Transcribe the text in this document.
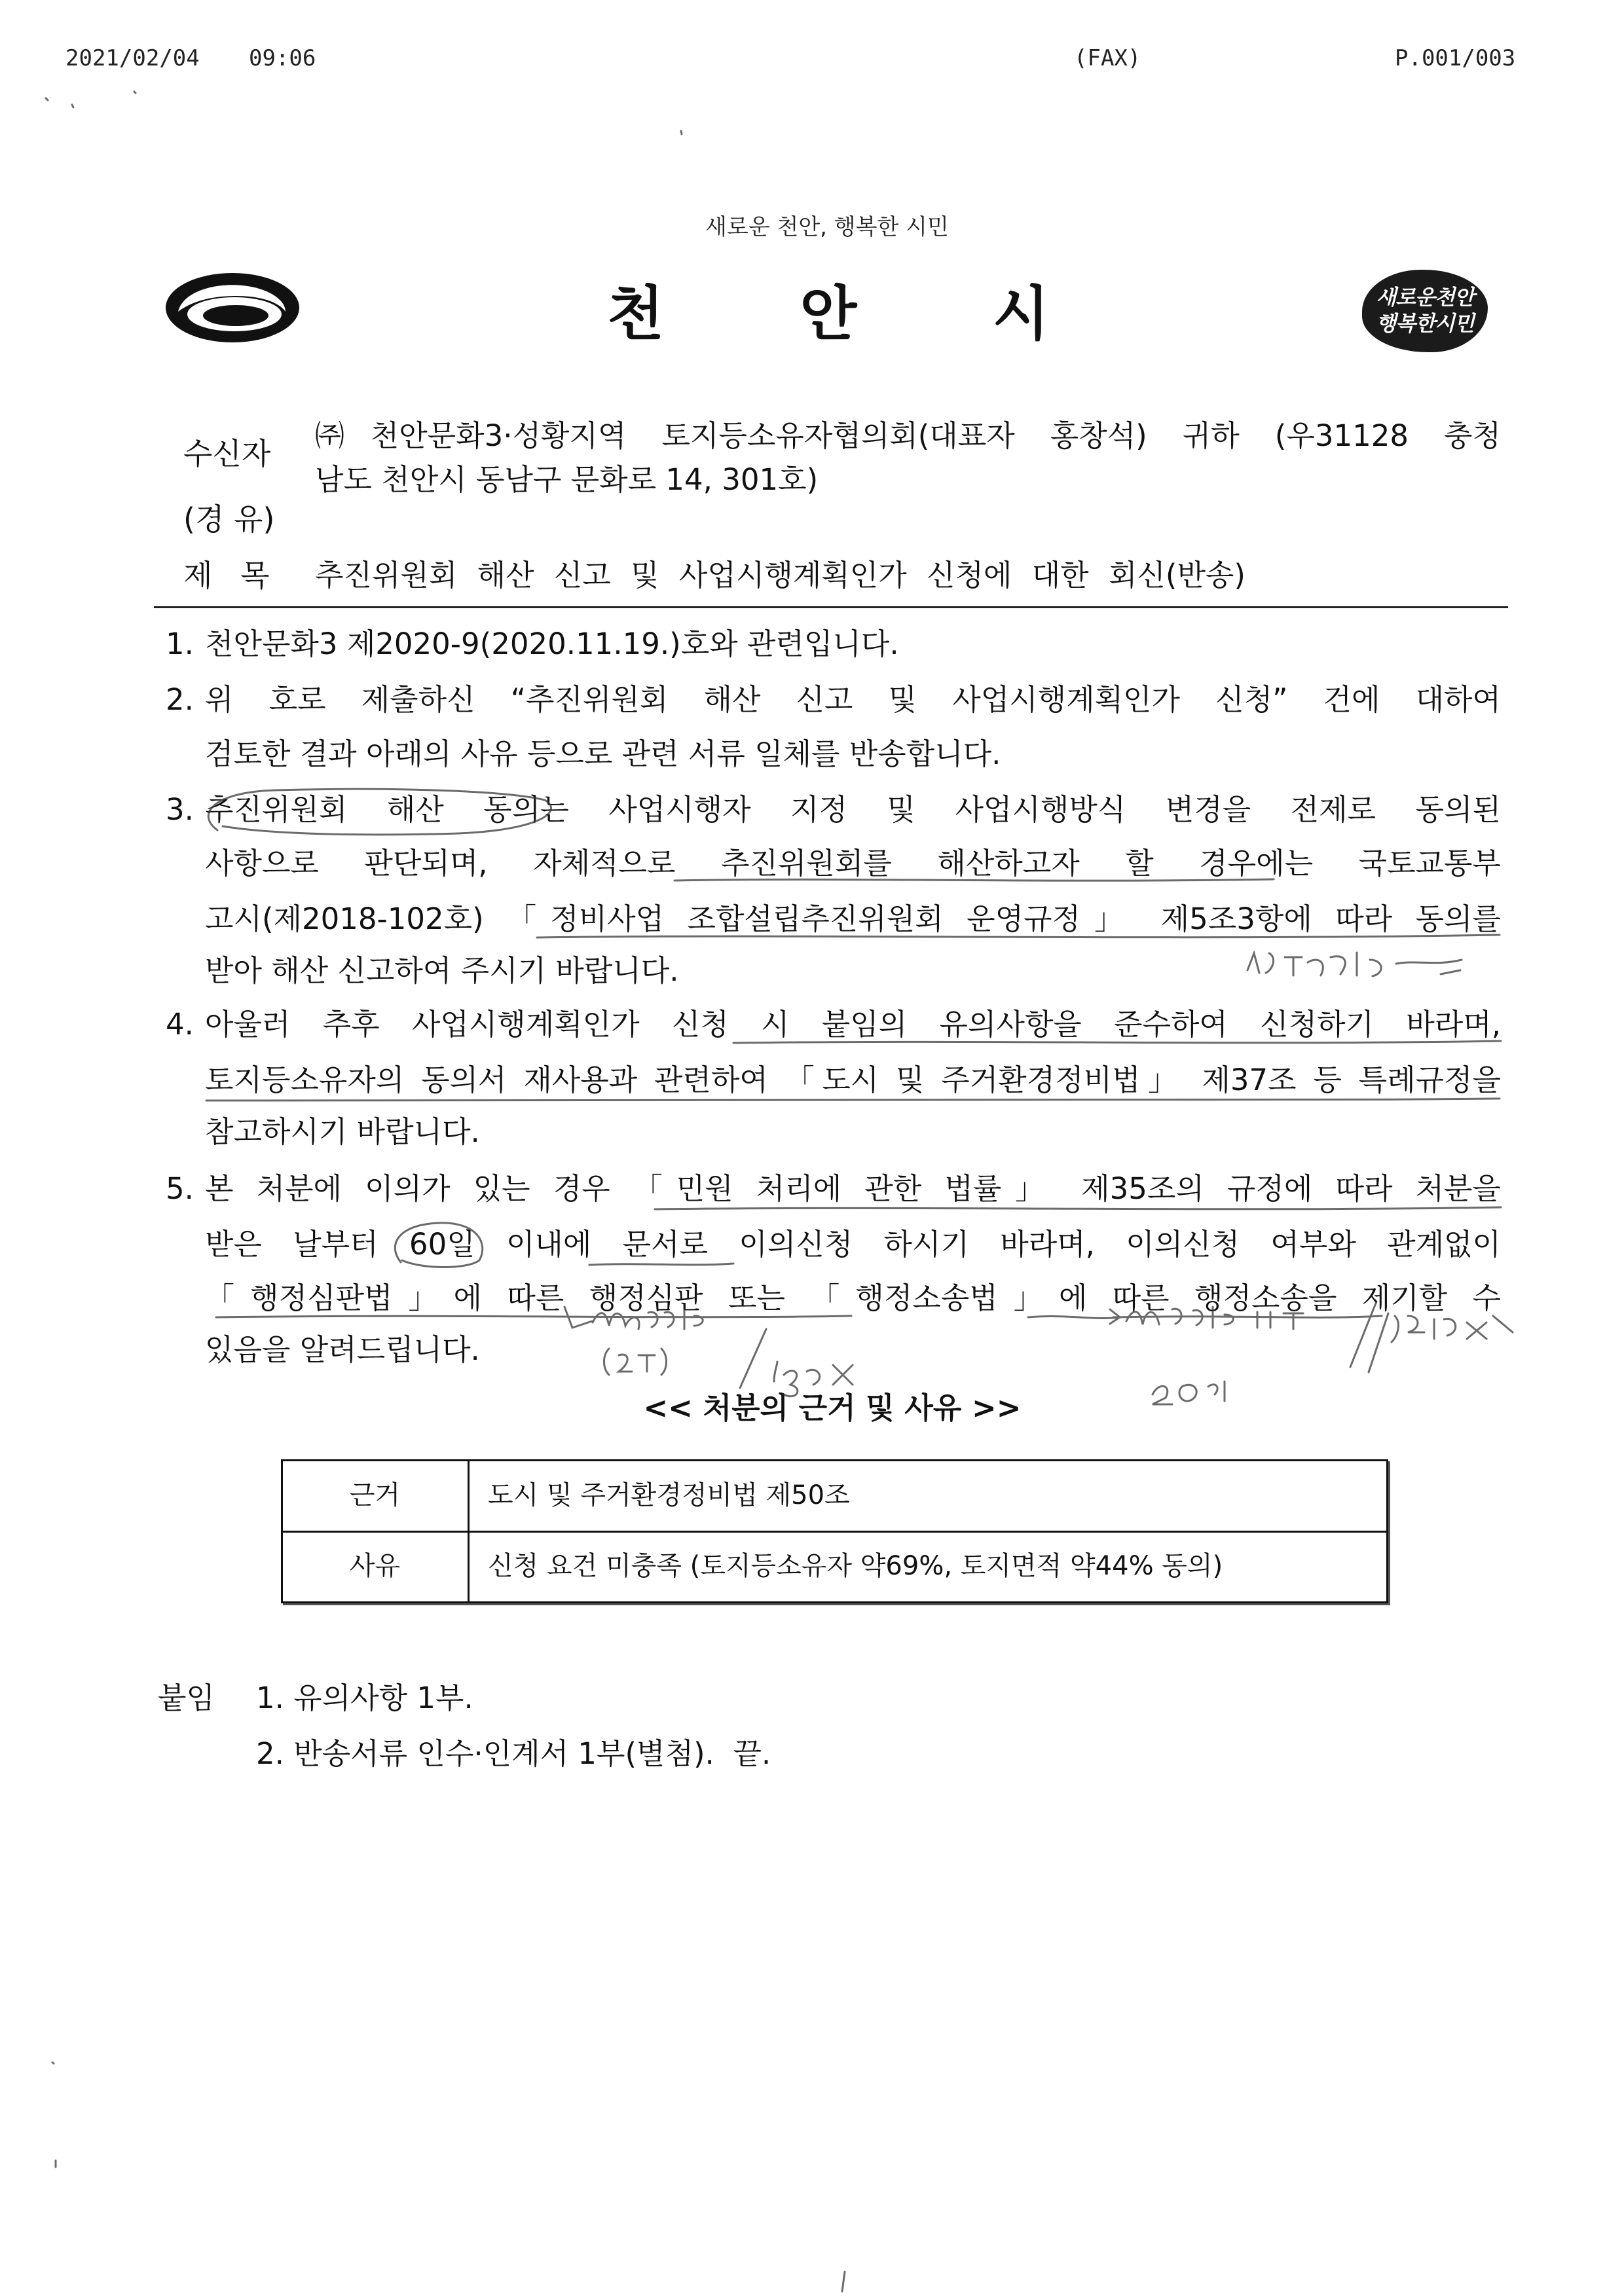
2021/02/04 09:06	(FAX)	P.001/003
새로운 천안, 행복한 시민
천 안 시	새로운천안
행복한시민
수신자
㈜천안문화3·성황지역 토지등소유자협의회(대표자 홍창석) 귀하 (우31128 충청
남도 천안시 동남구 문화로 14, 301호)
(경 유)
제 목 추진위원회 해산 신고 및 사업시행계획인가 신청에 대한 회신(반송)
1. 천안문화3 제2020-9(2020.11.19.)호와 관련입니다.
2. 위 호로 제출하신 “추진위원회 해산 신고 및 사업시행계획인가 신청” 건에 대하여
검토한 결과 아래의 사유 등으로 관련 서류 일체를 반송합니다.
3. 추진위원회 해산 동의는 사업시행자 지정 및 사업시행방식 변경을 전제로 동의된
사항으로 판단되며, 자체적으로 추진위원회를 해산하고자 할 경우에는 국토교통부
고시(제2018-102호) 「정비사업 조합설립추진위원회 운영규정」 제5조3항에 따라 동의를
받아 해산 신고하여 주시기 바랍니다.
4. 아울러 추후 사업시행계획인가 신청 시 붙임의 유의사항을 준수하여 신청하기 바라며,
토지등소유자의 동의서 재사용과 관련하여 「도시 및 주거환경정비법」 제37조 등 특례규정을
참고하시기 바랍니다.
5. 본 처분에 이의가 있는 경우 「민원 처리에 관한 법률」 제35조의 규정에 따라 처분을
받은 날부터 60일 이내에 문서로 이의신청 하시기 바라며, 이의신청 여부와 관계없이
「행정심판법」에 따른 행정심판 또는 「행정소송법」에 따른 행정소송을 제기할 수
있음을 알려드립니다.
<< 처분의 근거 및 사유 >>
근거	도시 및 주거환경정비법 제50조
사유	신청 요건 미충족 (토지등소유자 약69%, 토지면적 약44% 동의)
붙임 1. 유의사항 1부.
2. 반송서류 인수·인계서 1부(별첨).  끝.
